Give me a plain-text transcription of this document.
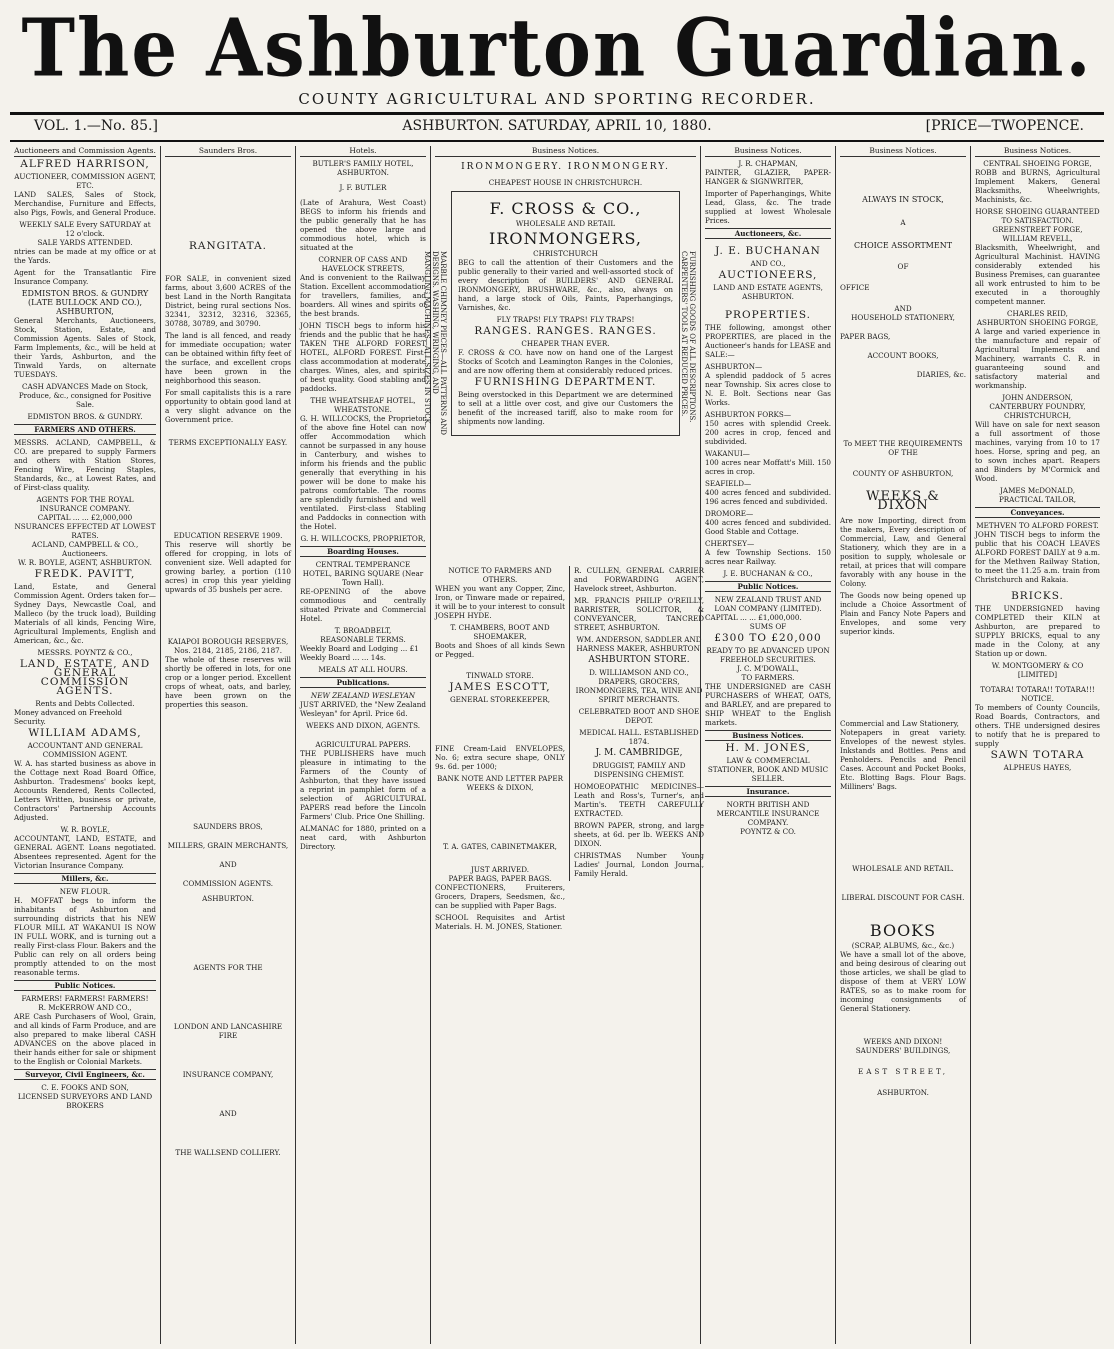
The Ashburton Guardian.
COUNTY AGRICULTURAL AND SPORTING RECORDER.
VOL. 1.—No. 85.]	ASHBURTON. SATURDAY, APRIL 10, 1880.	[PRICE—TWOPENCE.
Auctioneers and Commission Agents.
ALFRED HARRISON,
AUCTIONEER, COMMISSION AGENT, ETC.

LAND SALES, Sales of Stock, Merchandise, Furniture and Effects, also Pigs, Fowls, and General Produce.

WEEKLY SALE Every SATURDAY at 12 o'clock.
SALE YARDS ATTENDED.

ntries can be made at my office or at the Yards.

Agent for the Transatlantic Fire Insurance Company.

EDMISTON BROS. & GUNDRY (LATE BULLOCK AND CO.), ASHBURTON,

General Merchants, Auctioneers, Stock, Station, Estate, and Commission Agents. Sales of Stock, Farm Implements, &c., will be held at their Yards, Ashburton, and the Tinwald Yards, on alternate TUESDAYS.

CASH ADVANCES Made on Stock, Produce, &c., consigned for Positive Sale.

EDMISTON BROS. & GUNDRY.
FARMERS AND OTHERS.

MESSRS. ACLAND, CAMPBELL, & CO. are prepared to supply Farmers and others with Station Stores, Fencing Wire, Fencing Staples, Standards, &c., at Lowest Rates, and of First-class quality.

AGENTS FOR THE ROYAL INSURANCE COMPANY.
CAPITAL ... ... £2,000,000
NSURANCES EFFECTED AT LOWEST RATES.
ACLAND, CAMPBELL & CO., Auctioneers.
W. R. BOYLE, AGENT, ASHBURTON.
FREDK. PAVITT,

Land, Estate, and General Commission Agent. Orders taken for—Sydney Days, Newcastle Coal, and Malleco (by the truck load), Building Materials of all kinds, Fencing Wire, Agricultural Implements, English and American, &c., &c.

MESSRS. POYNTZ & CO.,
LAND, ESTATE, AND GENERAL COMMISSION AGENTS.
Rents and Debts Collected.
Money advanced on Freehold Security.
WILLIAM ADAMS,
ACCOUNTANT AND GENERAL COMMISSION AGENT.

W. A. has started business as above in the Cottage next Road Board Office, Ashburton. Tradesmens' books kept, Accounts Rendered, Rents Collected, Letters Written, business or private, Contractors' Partnership Accounts Adjusted.

W. R. BOYLE,

ACCOUNTANT, LAND, ESTATE, and GENERAL AGENT. Loans negotiated. Absentees represented. Agent for the Victorian Insurance Company.

Millers, &c.
NEW FLOUR.

H. MOFFAT begs to inform the inhabitants of Ashburton and surrounding districts that his NEW FLOUR MILL AT WAKANUI IS NOW IN FULL WORK, and is turning out a really First-class Flour. Bakers and the Public can rely on all orders being promptly attended to on the most reasonable terms.

Public Notices.
FARMERS! FARMERS! FARMERS!
R. McKERROW AND CO.,

ARE Cash Purchasers of Wool, Grain, and all kinds of Farm Produce, and are also prepared to make liberal CASH ADVANCES on the above placed in their hands either for sale or shipment to the English or Colonial Markets.

Surveyor, Civil Engineers, &c.
C. E. FOOKS AND SON,

LICENSED SURVEYORS AND LAND BROKERS

Saunders Bros.
RANGITATA.

FOR SALE, in convenient sized farms, about 3,600 ACRES of the best Land in the North Rangitata District, being rural sections Nos. 32341, 32312, 32316, 32365, 30788, 30789, and 30790.

The land is all fenced, and ready for immediate occupation; water can be obtained within fifty feet of the surface, and excellent crops have been grown in the neighborhood this season.

For small capitalists this is a rare opportunity to obtain good land at a very slight advance on the Government price.

TERMS EXCEPTIONALLY EASY.
EDUCATION RESERVE 1909.

This reserve will shortly be offered for cropping, in lots of convenient size. Well adapted for growing barley, a portion (110 acres) in crop this year yielding upwards of 35 bushels per acre.

KAIAPOI BOROUGH RESERVES, Nos. 2184, 2185, 2186, 2187.

The whole of these reserves will shortly be offered in lots, for one crop or a longer period. Excellent crops of wheat, oats, and barley, have been grown on the properties this season.

SAUNDERS BROS,
MILLERS, GRAIN MERCHANTS,
AND
COMMISSION AGENTS.
ASHBURTON.
AGENTS FOR THE
LONDON AND LANCASHIRE FIRE
INSURANCE COMPANY,
AND
THE WALLSEND COLLIERY.
Hotels.
BUTLER'S FAMILY HOTEL, ASHBURTON.
J. F. BUTLER

(Late of Arahura, West Coast) BEGS to inform his friends and the public generally that he has opened the above large and commodious hotel, which is situated at the

CORNER OF CASS AND HAVELOCK STREETS,

And is convenient to the Railway Station. Excellent accommodation for travellers, families, and boarders. All wines and spirits of the best brands.

JOHN TISCH begs to inform his friends and the public that he has TAKEN THE ALFORD FOREST HOTEL, ALFORD FOREST. First-class accommodation at moderate charges. Wines, ales, and spirits of best quality. Good stabling and paddocks.

THE WHEATSHEAF HOTEL, WHEATSTONE.

G. H. WILLCOCKS, the Proprietor of the above fine Hotel can now offer Accommodation which cannot be surpassed in any house in Canterbury, and wishes to inform his friends and the public generally that everything in his power will be done to make his patrons comfortable. The rooms are splendidly furnished and well ventilated. First-class Stabling and Paddocks in connection with the Hotel.

G. H. WILLCOCKS, PROPRIETOR,
Boarding Houses.
CENTRAL TEMPERANCE HOTEL, BARING SQUARE (Near Town Hall).

RE-OPENING of the above commodious and centrally situated Private and Commercial Hotel.

T. BROADBELT,
REASONABLE TERMS.

Weekly Board and Lodging ... £1
Weekly Board ... ... 14s.

MEALS AT ALL HOURS.
Publications.
NEW ZEALAND WESLEYAN

JUST ARRIVED, the "New Zealand Wesleyan" for April. Price 6d.

WEEKS AND DIXON, AGENTS.
AGRICULTURAL PAPERS.

THE PUBLISHERS have much pleasure in intimating to the Farmers of the County of Ashburton, that they have issued a reprint in pamphlet form of a selection of AGRICULTURAL PAPERS read before the Lincoln Farmers' Club. Price One Shilling.

ALMANAC for 1880, printed on a neat card, with Ashburton Directory.

Business Notices.
IRONMONGERY. IRONMONGERY.
CHEAPEST HOUSE IN CHRISTCHURCH.
MARBLE CHIMNEY PIECES—ALL PATTERNS AND DESIGNS. WASHING, WRINGING, AND MANGLING MACHINES—ALL SIZES IN STOCK.	FURNISHING GOODS OF ALL DESCRIPTIONS. CARPENTERS' TOOLS AT REDUCED PRICES.
F. CROSS & CO.,
WHOLESALE AND RETAIL
IRONMONGERS,
CHRISTCHURCH

BEG to call the attention of their Customers and the public generally to their varied and well-assorted stock of every description of BUILDERS' AND GENERAL IRONMONGERY, BRUSHWARE, &c., also, always on hand, a large stock of Oils, Paints, Paperhangings, Varnishes, &c.

FLY TRAPS! FLY TRAPS! FLY TRAPS!
RANGES. RANGES. RANGES.
CHEAPER THAN EVER.

F. CROSS & CO. have now on hand one of the Largest Stocks of Scotch and Leamington Ranges in the Colonies, and are now offering them at considerably reduced prices.

FURNISHING DEPARTMENT.

Being overstocked in this Department we are determined to sell at a little over cost, and give our Customers the benefit of the increased tariff, also to make room for shipments now landing.

NOTICE TO FARMERS AND OTHERS.

WHEN you want any Copper, Zinc, Iron, or Tinware made or repaired, it will be to your interest to consult JOSEPH HYDE.

T. CHAMBERS, BOOT AND SHOEMAKER,

Boots and Shoes of all kinds Sewn or Pegged.

TINWALD STORE.
JAMES ESCOTT,
GENERAL STOREKEEPER,

FINE Cream-Laid ENVELOPES, No. 6; extra secure shape, ONLY 9s. 6d. per 1000;

BANK NOTE AND LETTER PAPER
WEEKS & DIXON,
T. A. GATES, CABINETMAKER,
JUST ARRIVED.
PAPER BAGS, PAPER BAGS.

CONFECTIONERS, Fruiterers, Grocers, Drapers, Seedsmen, &c., can be supplied with Paper Bags.

SCHOOL Requisites and Artist Materials. H. M. JONES, Stationer.

R. CULLEN, GENERAL CARRIER and FORWARDING AGENT, Havelock street, Ashburton.

MR. FRANCIS PHILIP O'REILLY, BARRISTER, SOLICITOR, & CONVEYANCER, TANCRED STREET, ASHBURTON.

WM. ANDERSON, SADDLER AND HARNESS MAKER, ASHBURTON.

ASHBURTON STORE.

D. WILLIAMSON AND CO., DRAPERS, GROCERS, IRONMONGERS, TEA, WINE AND SPIRIT MERCHANTS.

CELEBRATED BOOT AND SHOE DEPOT.

MEDICAL HALL. ESTABLISHED 1874.

J. M. CAMBRIDGE,

DRUGGIST, FAMILY AND DISPENSING CHEMIST.

HOMOEOPATHIC MEDICINES—Leath and Ross's, Turner's, and Martin's. TEETH CAREFULLY EXTRACTED.

BROWN PAPER, strong, and large sheets, at 6d. per lb. WEEKS AND DIXON.

CHRISTMAS Number Young Ladies' Journal, London Journal, Family Herald.

Business Notices.
J. R. CHAPMAN,

PAINTER, GLAZIER, PAPER-HANGER & SIGNWRITER,

Importer of Paperhangings, White Lead, Glass, &c. The trade supplied at lowest Wholesale Prices.

Auctioneers, &c.
J. E. BUCHANAN
AND CO.,
AUCTIONEERS,
LAND AND ESTATE AGENTS,
ASHBURTON.
PROPERTIES.

THE following, amongst other PROPERTIES, are placed in the Auctioneer's hands for LEASE and SALE:—

ASHBURTON—

A splendid paddock of 5 acres near Township. Six acres close to N. E. Bolt. Sections near Gas Works.

ASHBURTON FORKS—

150 acres with splendid Creek. 200 acres in crop, fenced and subdivided.

WAKANUI—

100 acres near Moffatt's Mill. 150 acres in crop.

SEAFIELD—

400 acres fenced and subdivided. 196 acres fenced and subdivided.

DROMORE—

400 acres fenced and subdivided. Good Stable and Cottage.

CHERTSEY—

A few Township Sections. 150 acres near Railway.

J. E. BUCHANAN & CO.,
Public Notices.
NEW ZEALAND TRUST AND LOAN COMPANY (LIMITED).
CAPITAL ... ... £1,000,000.
SUMS OF
£300 TO £20,000
READY TO BE ADVANCED UPON FREEHOLD SECURITIES.
J. C. M'DOWALL,
TO FARMERS.

THE UNDERSIGNED are CASH PURCHASERS of WHEAT, OATS, and BARLEY, and are prepared to SHIP WHEAT to the English markets.

Business Notices.
H. M. JONES,

LAW & COMMERCIAL STATIONER, BOOK AND MUSIC SELLER.

Insurance.
NORTH BRITISH AND MERCANTILE INSURANCE COMPANY.
POYNTZ & CO.
Business Notices.
ALWAYS IN STOCK,
A
CHOICE ASSORTMENT
OF
OFFICE
AND
HOUSEHOLD STATIONERY,
PAPER BAGS,
ACCOUNT BOOKS,
DIARIES, &c.
To MEET THE REQUIREMENTS OF THE
COUNTY OF ASHBURTON,
WEEKS & DIXON

Are now Importing, direct from the makers, Every description of Commercial, Law, and General Stationery, which they are in a position to supply, wholesale or retail, at prices that will compare favorably with any house in the Colony.

The Goods now being opened up include a Choice Assortment of Plain and Fancy Note Papers and Envelopes, and some very superior kinds.

Commercial and Law Stationery,

Notepapers in great variety. Envelopes of the newest styles. Inkstands and Bottles. Pens and Penholders. Pencils and Pencil Cases. Account and Pocket Books, Etc. Blotting Bags. Flour Bags. Milliners' Bags.

WHOLESALE AND RETAIL.
LIBERAL DISCOUNT FOR CASH.
BOOKS
(SCRAP, ALBUMS, &c., &c.)

We have a small lot of the above, and being desirous of clearing out those articles, we shall be glad to dispose of them at VERY LOW RATES, so as to make room for incoming consignments of General Stationery.

WEEKS AND DIXON!
SAUNDERS' BUILDINGS,
EAST STREET,
ASHBURTON.
Business Notices.
CENTRAL SHOEING FORGE,

ROBB and BURNS, Agricultural Implement Makers, General Blacksmiths, Wheelwrights, Machinists, &c.

HORSE SHOEING GUARANTEED TO SATISFACTION.
GREENSTREET FORGE,
WILLIAM REVELL,

Blacksmith, Wheelwright, and Agricultural Machinist. HAVING considerably extended his Business Premises, can guarantee all work entrusted to him to be executed in a thoroughly competent manner.

CHARLES REID,
ASHBURTON SHOEING FORGE,

A large and varied experience in the manufacture and repair of Agricultural Implements and Machinery, warrants C. R. in guaranteeing sound and satisfactory material and workmanship.

JOHN ANDERSON,
CANTERBURY FOUNDRY,
CHRISTCHURCH,

Will have on sale for next season a full assortment of those machines, varying from 10 to 17 hoes. Horse, spring and peg, an to sown inches apart. Reapers and Binders by M'Cormick and Wood.

JAMES McDONALD,
PRACTICAL TAILOR,
Conveyances.
METHVEN TO ALFORD FOREST.

JOHN TISCH begs to inform the public that his COACH LEAVES ALFORD FOREST DAILY at 9 a.m. for the Methven Railway Station, to meet the 11.25 a.m. train from Christchurch and Rakaia.

BRICKS.

THE UNDERSIGNED having COMPLETED their KILN at Ashburton, are prepared to SUPPLY BRICKS, equal to any made in the Colony, at any Station up or down.

W. MONTGOMERY & CO
[LIMITED]
TOTARA! TOTARA!! TOTARA!!!
NOTICE.

To members of County Councils, Road Boards, Contractors, and others. THE undersigned desires to notify that he is prepared to supply

SAWN TOTARA
ALPHEUS HAYES,
